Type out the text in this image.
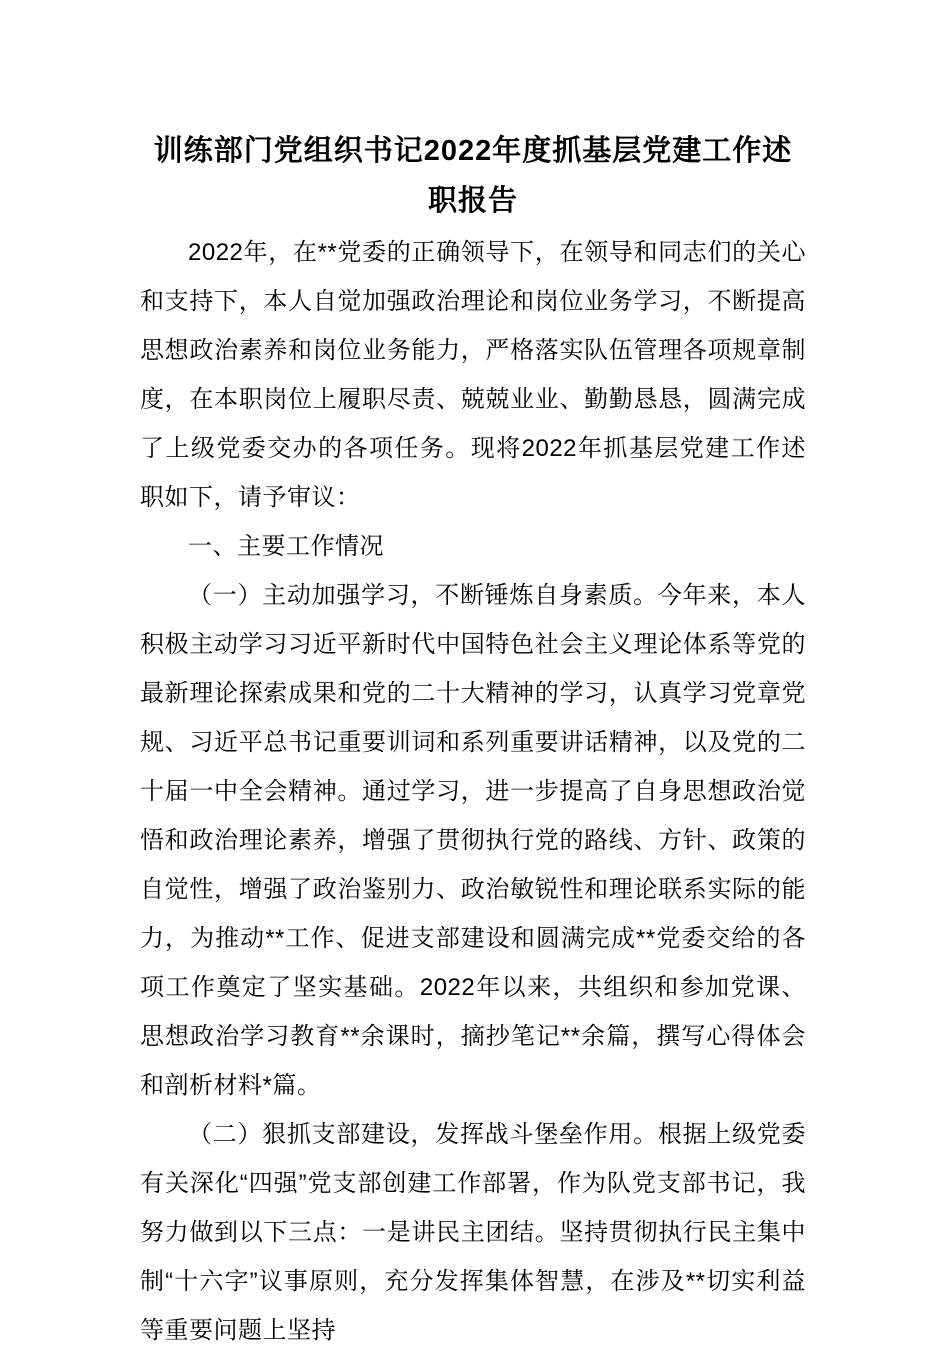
训练部门党组织书记2022年度抓基层党建工作述职报告

2022年，在**党委的正确领导下，在领导和同志们的关心和支持下，本人自觉加强政治理论和岗位业务学习，不断提高思想政治素养和岗位业务能力，严格落实队伍管理各项规章制度，在本职岗位上履职尽责、兢兢业业、勤勤恳恳，圆满完成了上级党委交办的各项任务。现将2022年抓基层党建工作述职如下，请予审议：

一、主要工作情况

（一）主动加强学习，不断锤炼自身素质。今年来，本人积极主动学习习近平新时代中国特色社会主义理论体系等党的最新理论探索成果和党的二十大精神的学习，认真学习党章党规、习近平总书记重要训词和系列重要讲话精神，以及党的二十届一中全会精神。通过学习，进一步提高了自身思想政治觉悟和政治理论素养，增强了贯彻执行党的路线、方针、政策的自觉性，增强了政治鉴别力、政治敏锐性和理论联系实际的能力，为推动**工作、促进支部建设和圆满完成**党委交给的各项工作奠定了坚实基础。2022年以来，共组织和参加党课、思想政治学习教育**余课时，摘抄笔记**余篇，撰写心得体会和剖析材料*篇。

（二）狠抓支部建设，发挥战斗堡垒作用。根据上级党委有关深化“四强”党支部创建工作部署，作为队党支部书记，我努力做到以下三点：一是讲民主团结。坚持贯彻执行民主集中制“十六字”议事原则，充分发挥集体智慧，在涉及**切实利益等重要问题上坚持
